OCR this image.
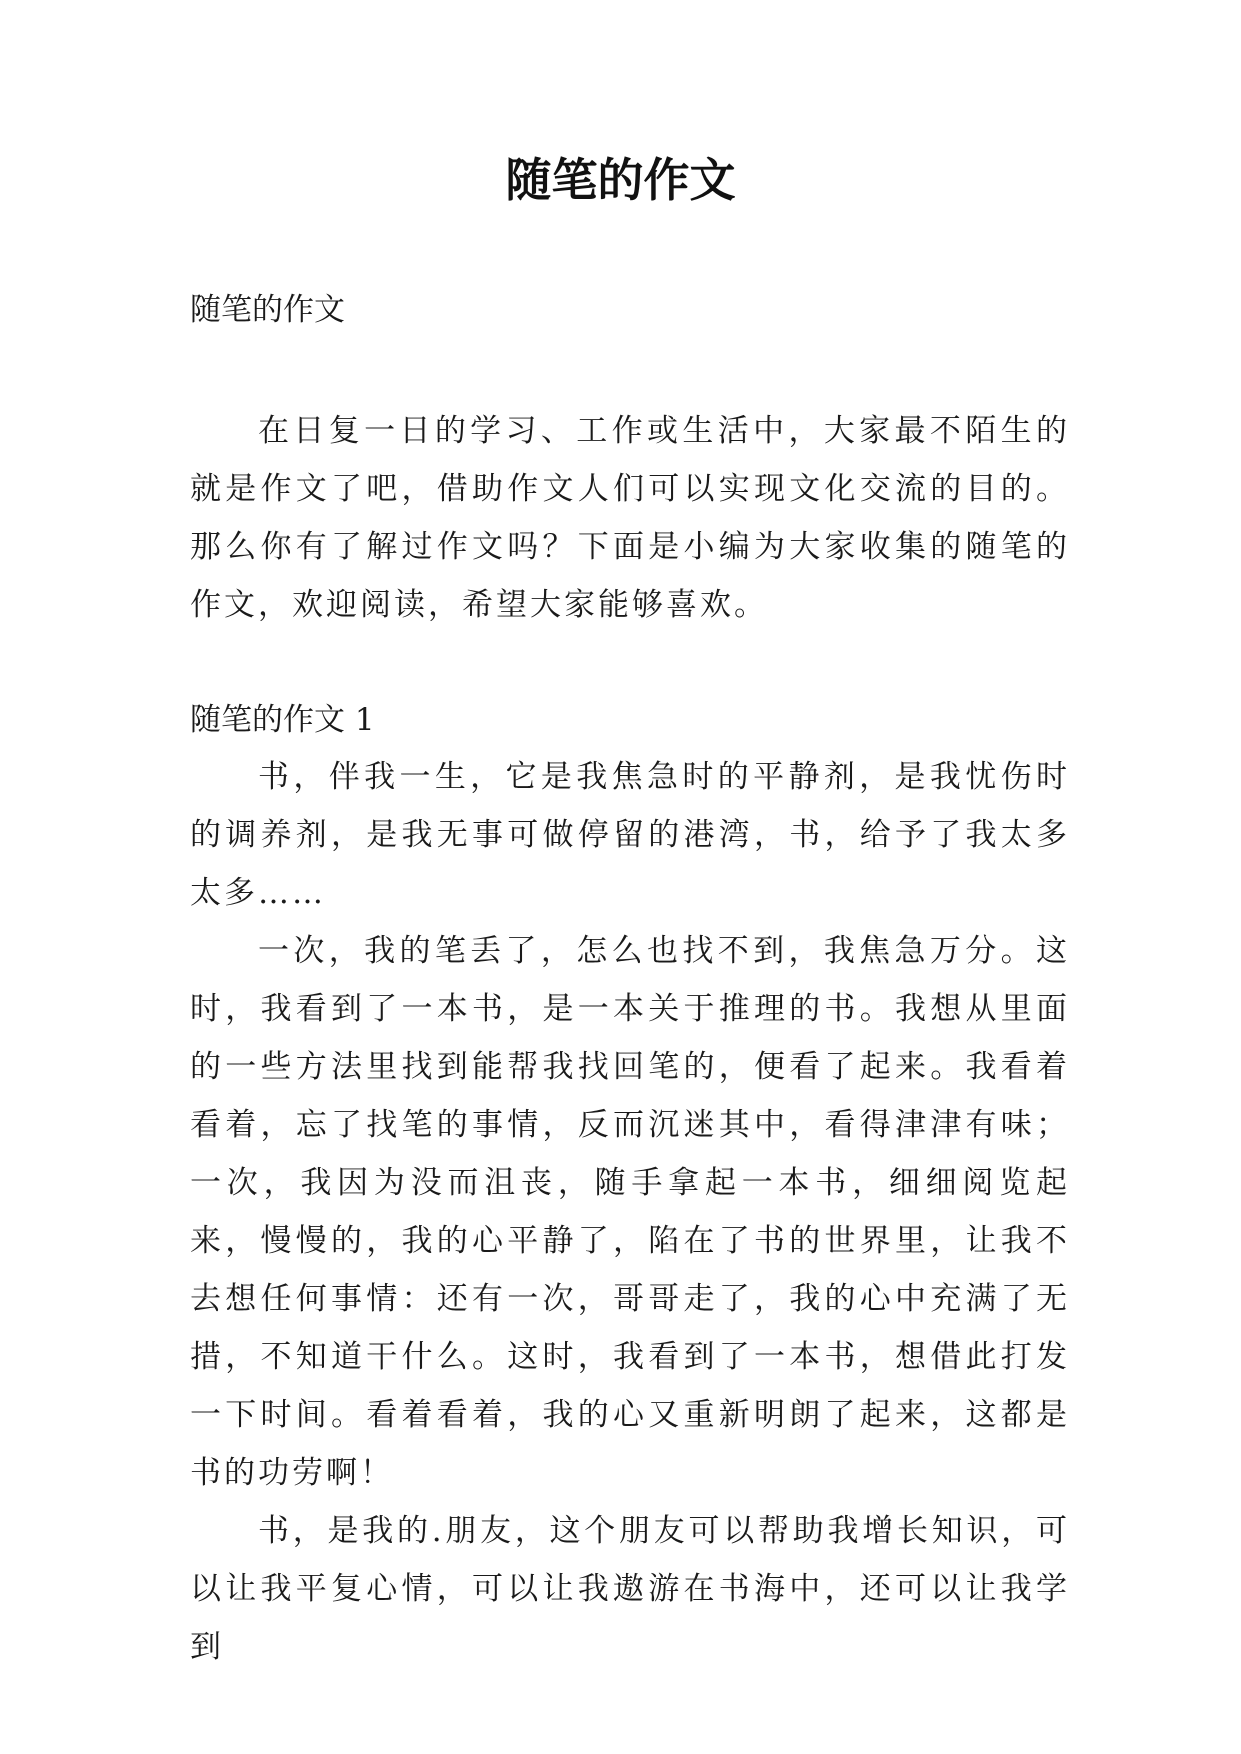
随笔的作文
随笔的作文

在日复一日的学习、工作或生活中，大家最不陌生的就是作文了吧，借助作文人们可以实现文化交流的目的。那么你有了解过作文吗？下面是小编为大家收集的随笔的作文，欢迎阅读，希望大家能够喜欢。

随笔的作文 1

书，伴我一生，它是我焦急时的平静剂，是我忧伤时的调养剂，是我无事可做停留的港湾，书，给予了我太多太多……

一次，我的笔丢了，怎么也找不到，我焦急万分。这时，我看到了一本书，是一本关于推理的书。我想从里面的一些方法里找到能帮我找回笔的，便看了起来。我看着看着，忘了找笔的事情，反而沉迷其中，看得津津有味；一次，我因为没而沮丧，随手拿起一本书，细细阅览起来，慢慢的，我的心平静了，陷在了书的世界里，让我不去想任何事情：还有一次，哥哥走了，我的心中充满了无措，不知道干什么。这时，我看到了一本书，想借此打发一下时间。看着看着，我的心又重新明朗了起来，这都是书的功劳啊！

书，是我的.朋友，这个朋友可以帮助我增长知识，可以让我平复心情，可以让我遨游在书海中，还可以让我学到
